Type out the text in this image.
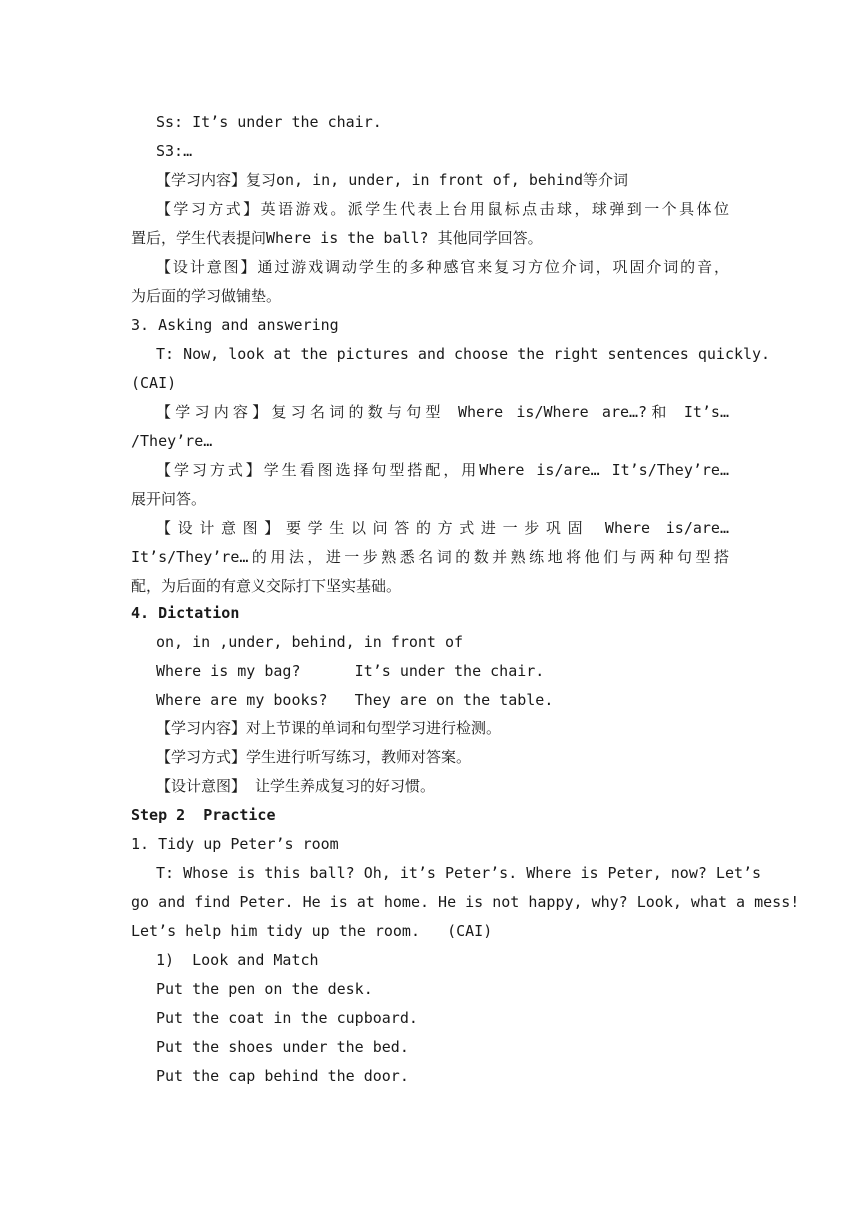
Ss: It’s under the chair.
S3:…
【学习内容】复习on, in, under, in front of, behind等介词
【学习方式】英语游戏。派学生代表上台用鼠标点击球，球弹到一个具体位
置后，学生代表提问Where is the ball? 其他同学回答。
【设计意图】通过游戏调动学生的多种感官来复习方位介词，巩固介词的音，
为后面的学习做铺垫。
3. Asking and answering
T: Now, look at the pictures and choose the right sentences quickly.
(CAI)
【学习内容】复习名词的数与句型 Where is/Where are…?和 It’s…
/They’re…
【学习方式】学生看图选择句型搭配，用Where is/are… It’s/They’re…
展开问答。
【设计意图】要学生以问答的方式进一步巩固 Where is/are…
It’s/They’re…的用法，进一步熟悉名词的数并熟练地将他们与两种句型搭
配，为后面的有意义交际打下坚实基础。
4. Dictation
on, in ,under, behind, in front of
Where is my bag?      It’s under the chair.
Where are my books?   They are on the table.
【学习内容】对上节课的单词和句型学习进行检测。
【学习方式】学生进行听写练习，教师对答案。
【设计意图】 让学生养成复习的好习惯。
Step 2  Practice
1. Tidy up Peter’s room
T: Whose is this ball? Oh, it’s Peter’s. Where is Peter, now? Let’s
go and find Peter. He is at home. He is not happy, why? Look, what a mess!
Let’s help him tidy up the room.   (CAI)
1)  Look and Match
Put the pen on the desk.
Put the coat in the cupboard.
Put the shoes under the bed.
Put the cap behind the door.
